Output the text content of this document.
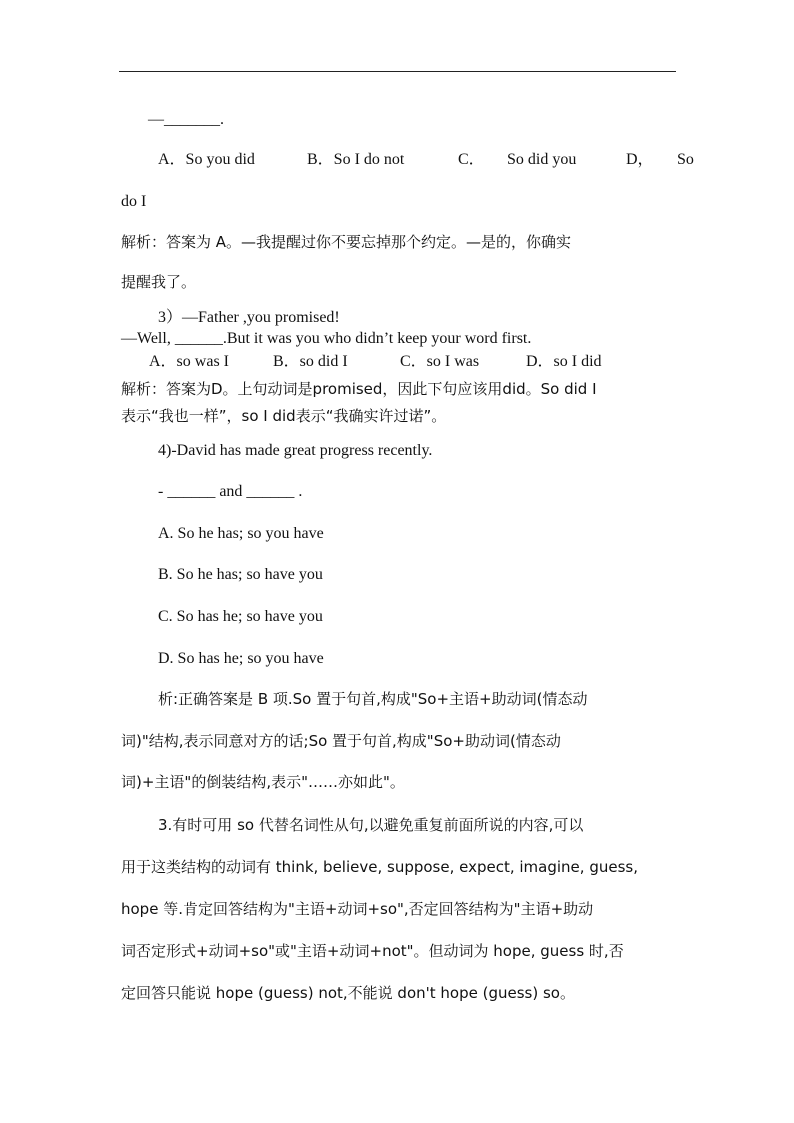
—_______.
A．So you did	B．So I do not	C． So did you	D， So
do I
解析：答案为 A。—我提醒过你不要忘掉那个约定。—是的，你确实
提醒我了。
3）—Father ,you promised!
—Well, ______.But it was you who didn’t keep your word first.
A．so was I	B．so did I	C．so I was	D．so I did
解析：答案为D。上句动词是promised，因此下句应该用did。So did I
表示“我也一样”，so I did表示“我确实许过诺”。
4)-David has made great progress recently.
- ______ and ______ .
A. So he has; so you have
B. So he has; so have you
C. So has he; so have you
D. So has he; so you have
析:正确答案是 B 项.So 置于句首,构成"So+主语+助动词(情态动
词)"结构,表示同意对方的话;So 置于句首,构成"So+助动词(情态动
词)+主语"的倒装结构,表示"……亦如此"。
3.有时可用 so 代替名词性从句,以避免重复前面所说的内容,可以
用于这类结构的动词有 think, believe, suppose, expect, imagine, guess,
hope 等.肯定回答结构为"主语+动词+so",否定回答结构为"主语+助动
词否定形式+动词+so"或"主语+动词+not"。但动词为 hope, guess 时,否
定回答只能说 hope (guess) not,不能说 don't hope (guess) so。
